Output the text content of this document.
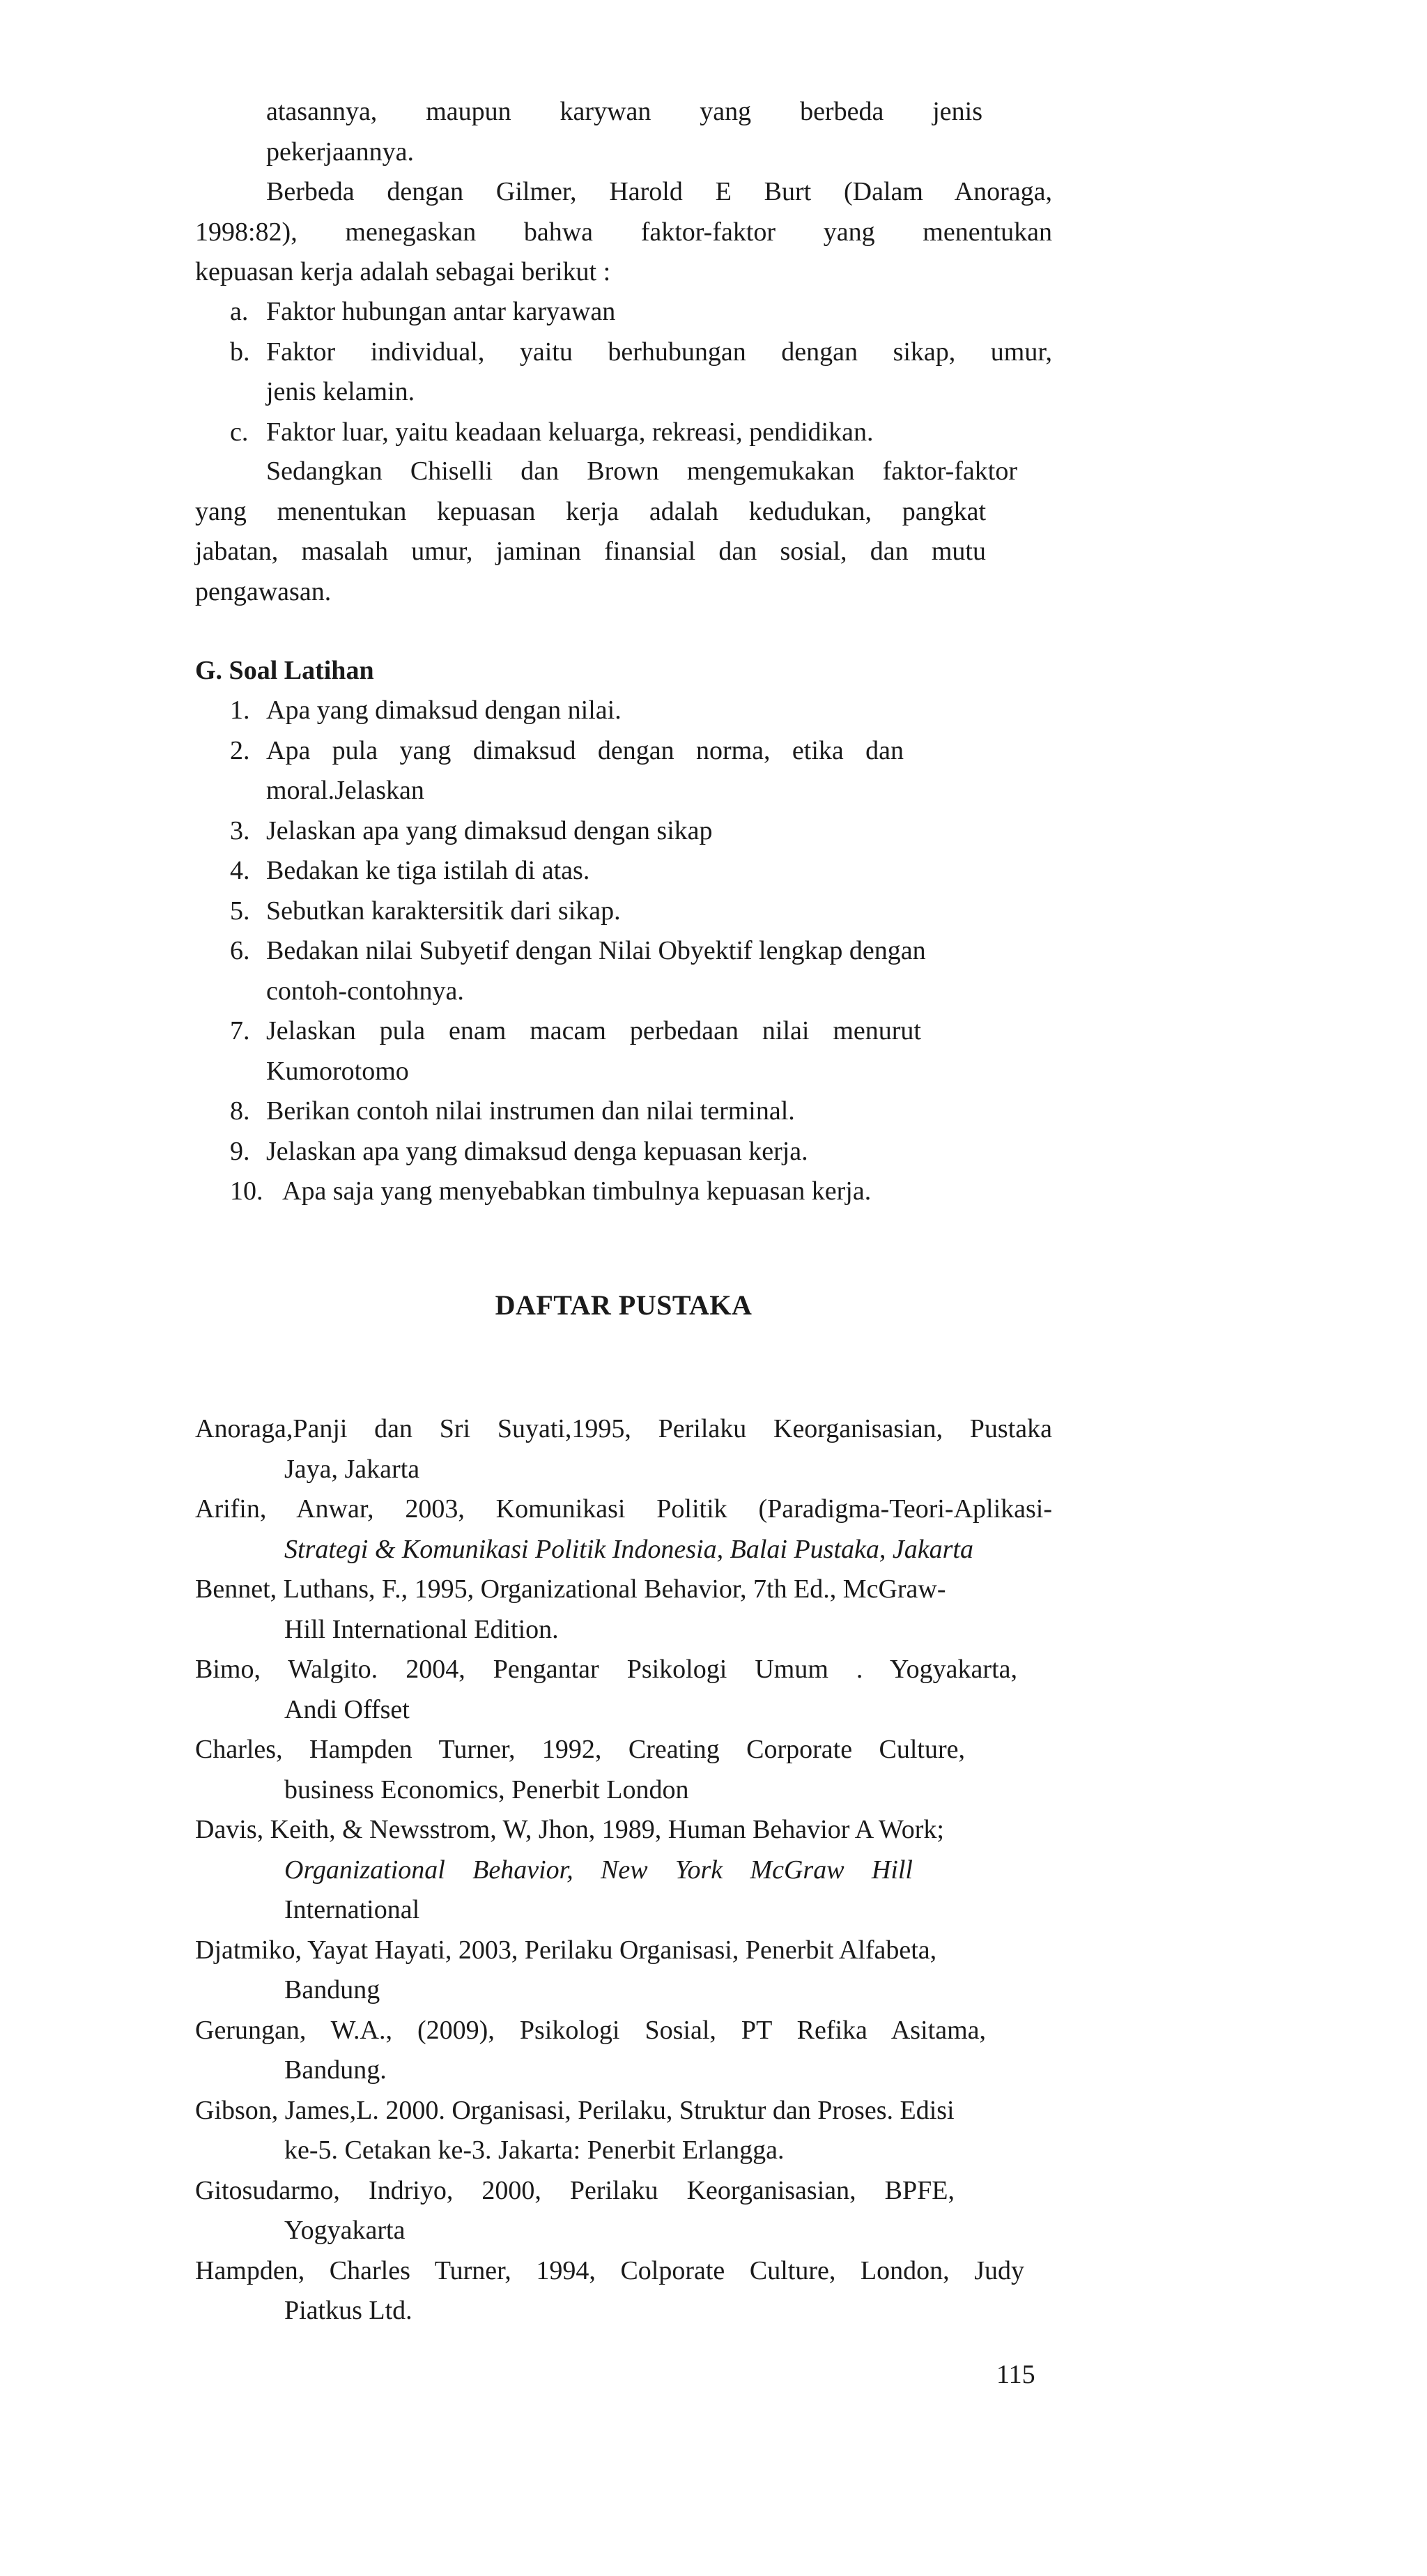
atasannya, maupun karywan yang berbeda jenis
pekerjaannya.
Berbeda dengan Gilmer, Harold E Burt (Dalam Anoraga,
1998:82), menegaskan bahwa faktor-faktor yang menentukan
kepuasan kerja adalah sebagai berikut :
a. Faktor hubungan antar karyawan
b. Faktor individual, yaitu berhubungan dengan sikap, umur,
jenis kelamin.
c. Faktor luar, yaitu keadaan keluarga, rekreasi, pendidikan.
Sedangkan Chiselli dan Brown mengemukakan faktor-faktor
yang menentukan kepuasan kerja adalah kedudukan, pangkat
jabatan, masalah umur, jaminan finansial dan sosial, dan mutu
pengawasan.
G. Soal Latihan
1. Apa yang dimaksud dengan nilai.
2. Apa pula yang dimaksud dengan norma, etika dan
moral.Jelaskan
3. Jelaskan apa yang dimaksud dengan sikap
4. Bedakan ke tiga istilah di atas.
5. Sebutkan karaktersitik dari sikap.
6. Bedakan nilai Subyetif dengan Nilai Obyektif lengkap dengan
contoh-contohnya.
7. Jelaskan pula enam macam perbedaan nilai menurut
Kumorotomo
8. Berikan contoh nilai instrumen dan nilai terminal.
9. Jelaskan apa yang dimaksud denga kepuasan kerja.
10. Apa saja yang menyebabkan timbulnya kepuasan kerja.
DAFTAR PUSTAKA
Anoraga,Panji dan Sri Suyati,1995, Perilaku Keorganisasian, Pustaka
Jaya, Jakarta
Arifin, Anwar, 2003, Komunikasi Politik (Paradigma-Teori-Aplikasi-
Strategi & Komunikasi Politik Indonesia, Balai Pustaka, Jakarta
Bennet, Luthans, F., 1995, Organizational Behavior, 7th Ed., McGraw-
Hill International Edition.
Bimo, Walgito. 2004, Pengantar Psikologi Umum . Yogyakarta,
Andi Offset
Charles, Hampden Turner, 1992, Creating Corporate Culture,
business Economics, Penerbit London
Davis, Keith, & Newsstrom, W, Jhon, 1989, Human Behavior A Work;
Organizational Behavior, New York McGraw Hill
International
Djatmiko, Yayat Hayati, 2003, Perilaku Organisasi, Penerbit Alfabeta,
Bandung
Gerungan, W.A., (2009), Psikologi Sosial, PT Refika Asitama,
Bandung.
Gibson, James,L. 2000. Organisasi, Perilaku, Struktur dan Proses. Edisi
ke-5. Cetakan ke-3. Jakarta: Penerbit Erlangga.
Gitosudarmo, Indriyo, 2000, Perilaku Keorganisasian, BPFE,
Yogyakarta
Hampden, Charles Turner, 1994, Colporate Culture, London, Judy
Piatkus Ltd.
115
